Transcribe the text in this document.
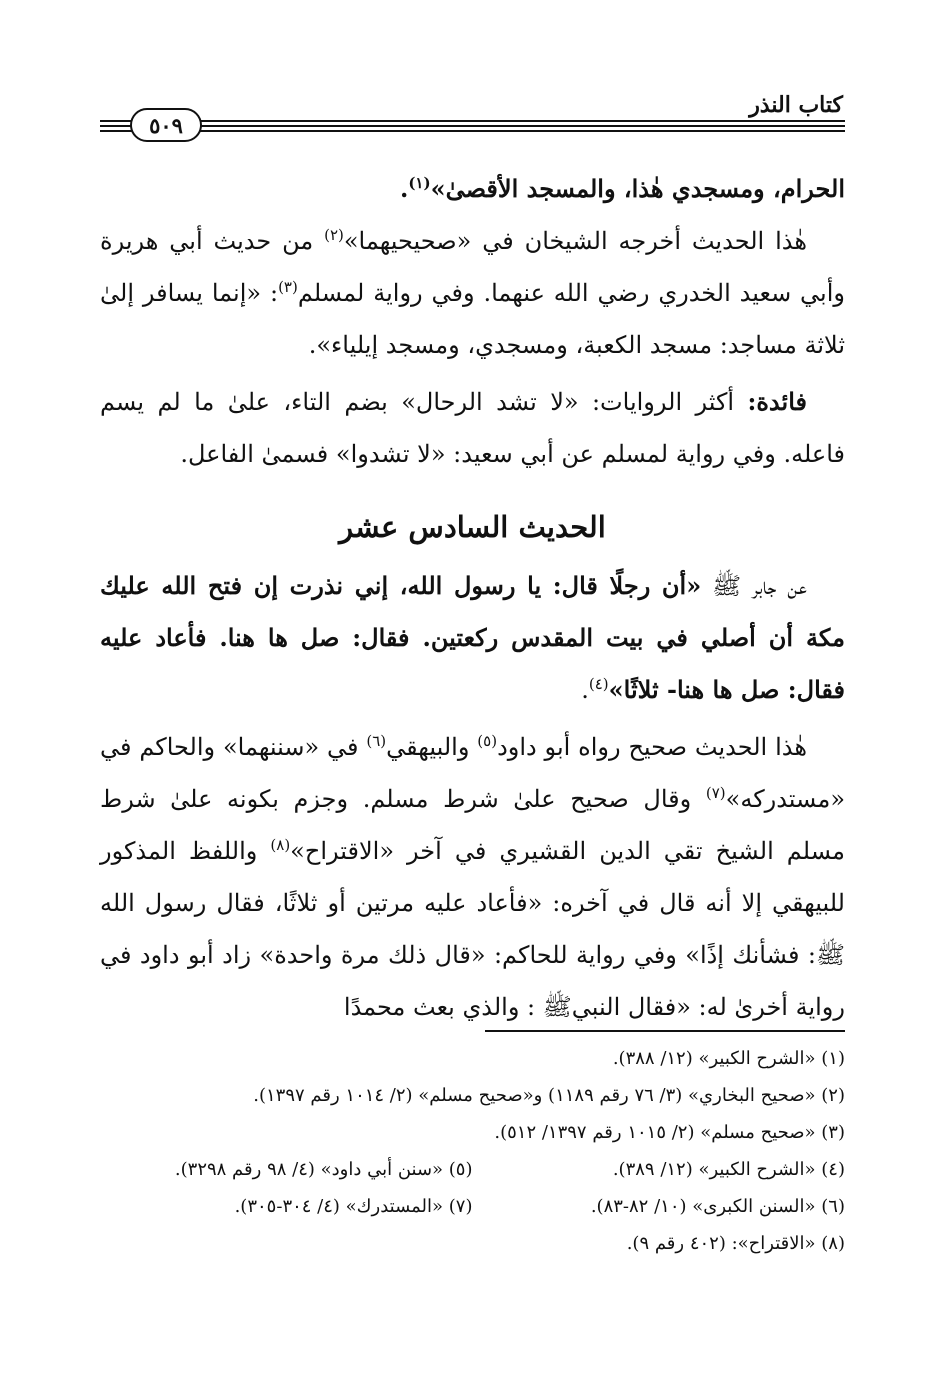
كتاب النذر
٥٠٩

الحرام، ومسجدي هٰذا، والمسجد الأقصىٰ»$^{(١)}$.

هٰذا الحديث أخرجه الشيخان في «صحيحيهما»$^{(٢)}$ من حديث أبي هريرة وأبي سعيد الخدري رضي الله عنهما. وفي رواية لمسلم$^{(٣)}$: «إنما يسافر إلىٰ ثلاثة مساجد: مسجد الكعبة، ومسجدي، ومسجد إيلياء».

فائدة: أكثر الروايات: «لا تشد الرحال» بضم التاء، علىٰ ما لم يسم فاعله. وفي رواية لمسلم عن أبي سعيد: «لا تشدوا» فسمىٰ الفاعل.

الحديث السادس عشر

عن جابر ﷺ «أن رجلًا قال: يا رسول الله، إني نذرت إن فتح الله عليك مكة أن أصلي في بيت المقدس ركعتين. فقال: صل ها هنا. فأعاد عليه فقال: صل ها هنا- ثلاثًا»$^{(٤)}$.

هٰذا الحديث صحيح رواه أبو داود$^{(٥)}$ والبيهقي$^{(٦)}$ في «سننهما» والحاكم في «مستدركه»$^{(٧)}$ وقال صحيح علىٰ شرط مسلم. وجزم بكونه علىٰ شرط مسلم الشيخ تقي الدين القشيري في آخر «الاقتراح»$^{(٨)}$ واللفظ المذكور للبيهقي إلا أنه قال في آخره: «فأعاد عليه مرتين أو ثلاثًا، فقال رسول الله ﷺ: فشأنك إذًا» وفي رواية للحاكم: «قال ذلك مرة واحدة» زاد أبو داود في رواية أخرىٰ له: «فقال النبيﷺ : والذي بعث محمدًا

(١) «الشرح الكبير» (١٢/ ٣٨٨).
(٢) «صحيح البخاري» (٣/ ٧٦ رقم ١١٨٩) و«صحيح مسلم» (٢/ ١٠١٤ رقم ١٣٩٧).
(٣) «صحيح مسلم» (٢/ ١٠١٥ رقم ١٣٩٧/ ٥١٢).
(٤) «الشرح الكبير» (١٢/ ٣٨٩).
(٥) «سنن أبي داود» (٤/ ٩٨ رقم ٣٢٩٨).
(٦) «السنن الكبرى» (١٠/ ٨٢-٨٣).
(٧) «المستدرك» (٤/ ٣٠٤-٣٠٥).
(٨) «الاقتراح»: (٤٠٢ رقم ٩).
